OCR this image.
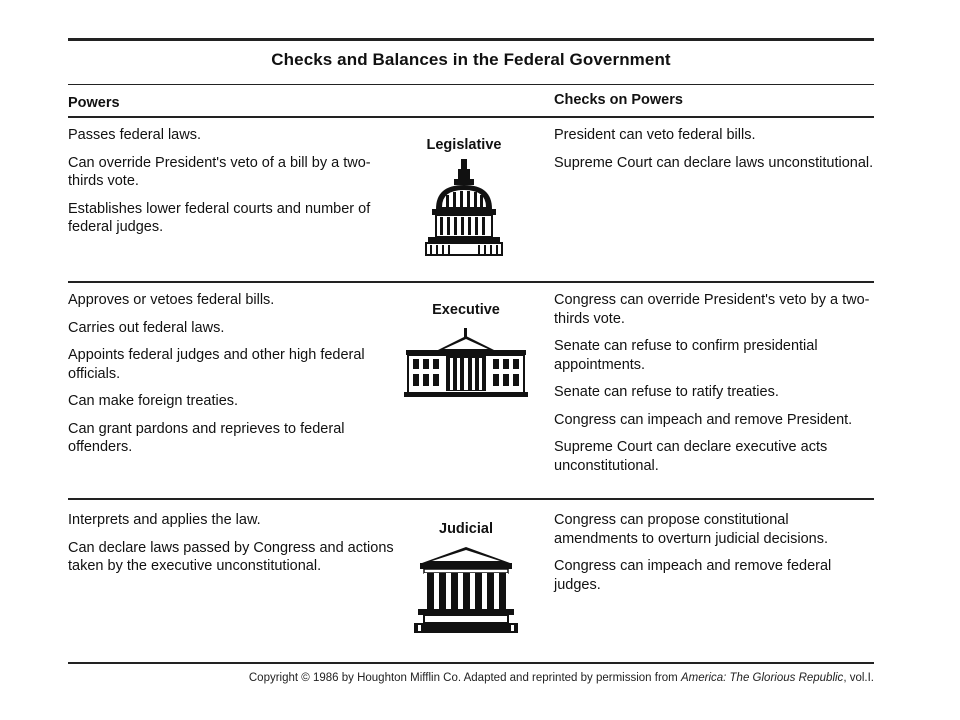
Checks and Balances in the Federal Government
Powers	Checks on Powers

Passes federal laws.

Can override President's veto of a bill by a two-thirds vote.

Establishes lower federal courts and number of federal judges.

Legislative

President can veto federal bills.

Supreme Court can declare laws unconstitutional.

Approves or vetoes federal bills.

Carries out federal laws.

Appoints federal judges and other high federal officials.

Can make foreign treaties.

Can grant pardons and reprieves to federal offenders.

Executive

Congress can override President's veto by a two-thirds vote.

Senate can refuse to confirm presidential appointments.

Senate can refuse to ratify treaties.

Congress can impeach and remove President.

Supreme Court can declare executive acts unconstitutional.

Interprets and applies the law.

Can declare laws passed by Congress and actions taken by the executive unconstitutional.

Judicial

Congress can propose constitutional amendments to overturn judicial decisions.

Congress can impeach and remove federal judges.

Copyright © 1986 by Houghton Mifflin Co. Adapted and reprinted by permission from America: The Glorious Republic, vol.I.
